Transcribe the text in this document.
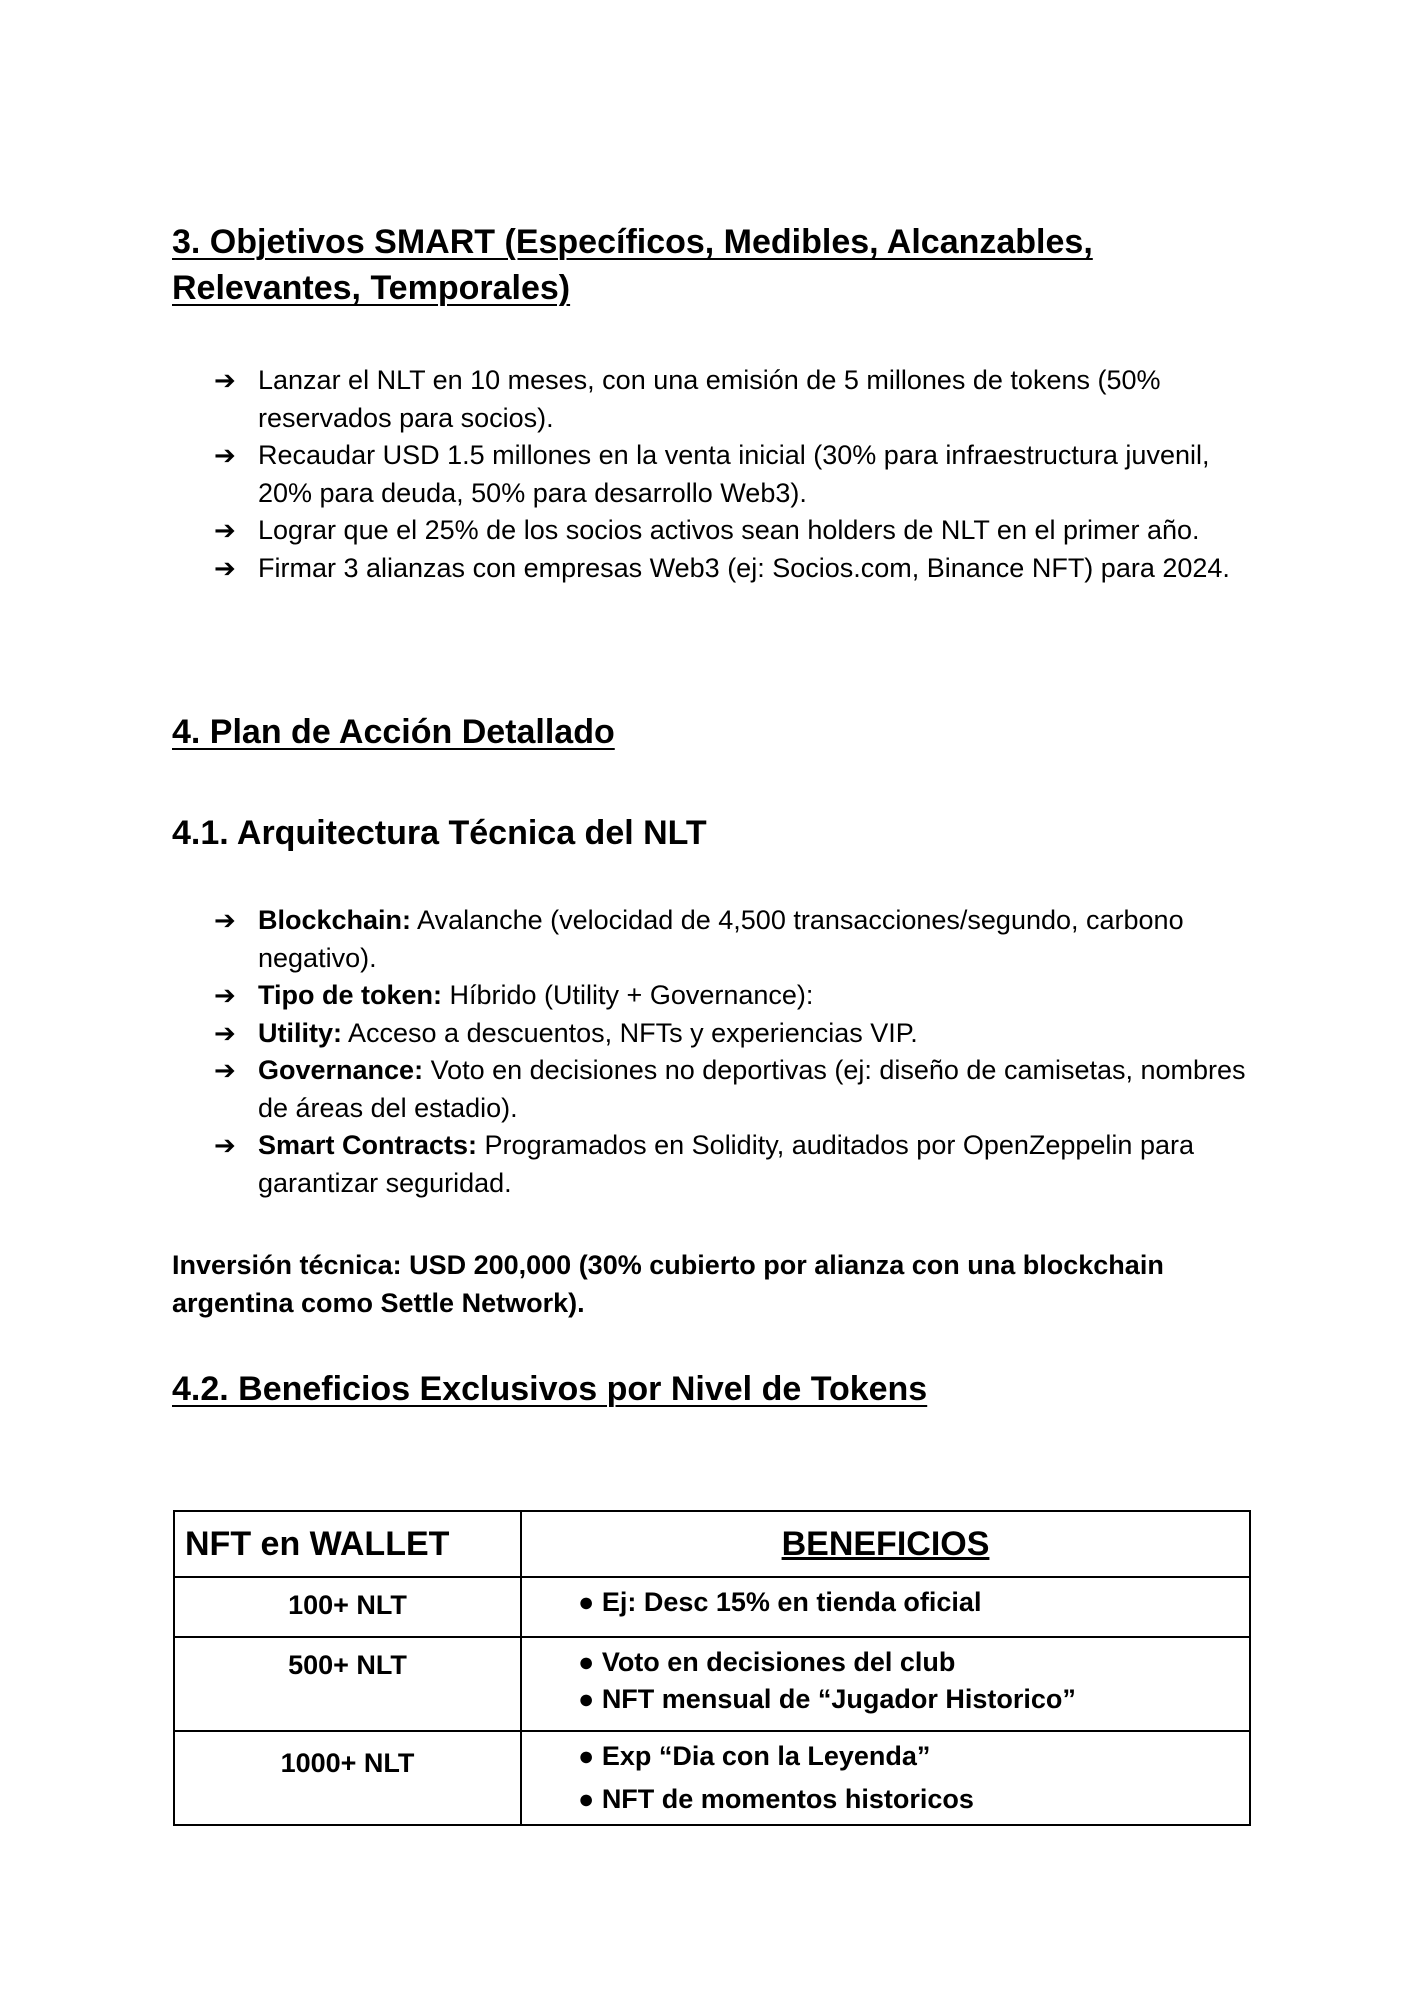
3. Objetivos SMART (Específicos, Medibles, Alcanzables,
Relevantes, Temporales)
➔ Lanzar el NLT en 10 meses, con una emisión de 5 millones de tokens (50% reservados para socios).
➔ Recaudar USD 1.5 millones en la venta inicial (30% para infraestructura juvenil, 20% para deuda, 50% para desarrollo Web3).
➔ Lograr que el 25% de los socios activos sean holders de NLT en el primer año.
➔ Firmar 3 alianzas con empresas Web3 (ej: Socios.com, Binance NFT) para 2024.
4. Plan de Acción Detallado
4.1. Arquitectura Técnica del NLT
➔ Blockchain: Avalanche (velocidad de 4,500 transacciones/segundo, carbono negativo).
➔ Tipo de token: Híbrido (Utility + Governance):
➔ Utility: Acceso a descuentos, NFTs y experiencias VIP.
➔ Governance: Voto en decisiones no deportivas (ej: diseño de camisetas, nombres de áreas del estadio).
➔ Smart Contracts: Programados en Solidity, auditados por OpenZeppelin para garantizar seguridad.

Inversión técnica: USD 200,000 (30% cubierto por alianza con una blockchain argentina como Settle Network).

4.2. Beneficios Exclusivos por Nivel de Tokens
NFT en WALLET	BENEFICIOS
100+ NLT	● Ej: Desc 15% en tienda oficial

500+ NLT	● Voto en decisiones del club
● NFT mensual de “Jugador Historico”

1000+ NLT	● Exp “Dia con la Leyenda”
● NFT de momentos historicos
